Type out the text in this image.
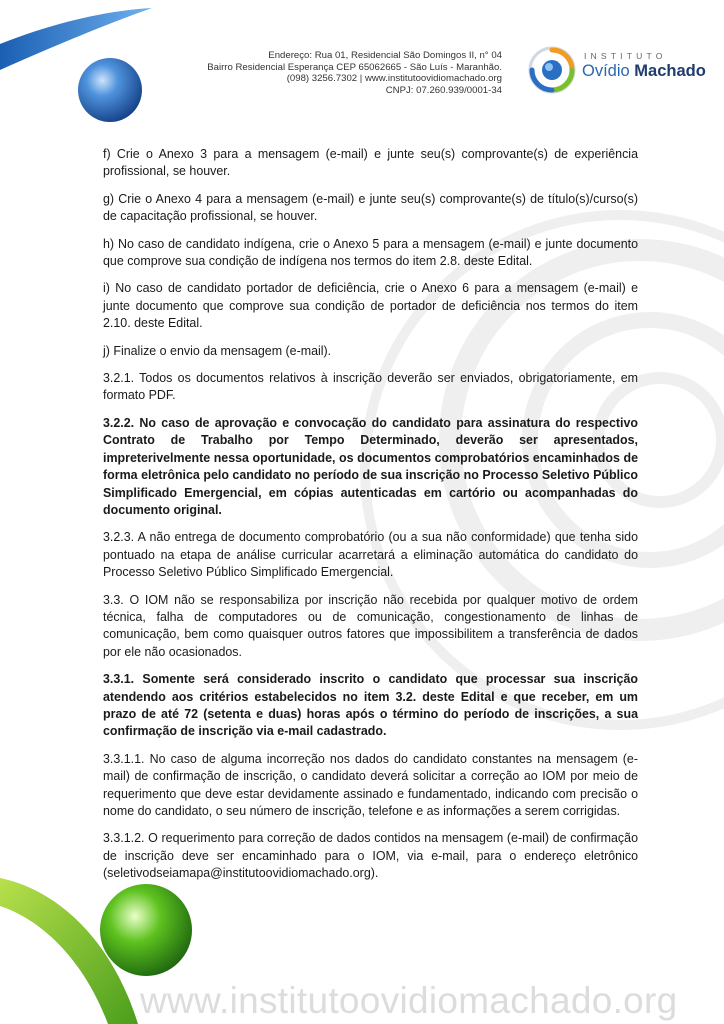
Endereço: Rua 01, Residencial São Domingos II, n° 04
Bairro Residencial Esperança CEP 65062665 - São Luís - Maranhão.
(098) 3256.7302 | www.institutoovidiomachado.org
CNPJ: 07.260.939/0001-34
INSTITUTO
Ovídio Machado

f) Crie o Anexo 3 para a mensagem (e-mail) e junte seu(s) comprovante(s) de experiência profissional, se houver.

g) Crie o Anexo 4 para a mensagem (e-mail) e junte seu(s) comprovante(s) de título(s)/curso(s) de capacitação profissional, se houver.

h) No caso de candidato indígena, crie o Anexo 5 para a mensagem (e-mail) e junte documento que comprove sua condição de indígena nos termos do item 2.8. deste Edital.

i) No caso de candidato portador de deficiência, crie o Anexo 6 para a mensagem (e-mail) e junte documento que comprove sua condição de portador de deficiência nos termos do item 2.10. deste Edital.

j) Finalize o envio da mensagem (e-mail).

3.2.1. Todos os documentos relativos à inscrição deverão ser enviados, obrigatoriamente, em formato PDF.

3.2.2. No caso de aprovação e convocação do candidato para assinatura do respectivo Contrato de Trabalho por Tempo Determinado, deverão ser apresentados, impreterivelmente nessa oportunidade, os documentos comprobatórios encaminhados de forma eletrônica pelo candidato no período de sua inscrição no Processo Seletivo Público Simplificado Emergencial, em cópias autenticadas em cartório ou acompanhadas do documento original.

3.2.3. A não entrega de documento comprobatório (ou a sua não conformidade) que tenha sido pontuado na etapa de análise curricular acarretará a eliminação automática do candidato do Processo Seletivo Público Simplificado Emergencial.

3.3. O IOM não se responsabiliza por inscrição não recebida por qualquer motivo de ordem técnica, falha de computadores ou de comunicação, congestionamento de linhas de comunicação, bem como quaisquer outros fatores que impossibilitem a transferência de dados por ele não ocasionados.

3.3.1. Somente será considerado inscrito o candidato que processar sua inscrição atendendo aos critérios estabelecidos no item 3.2. deste Edital e que receber, em um prazo de até 72 (setenta e duas) horas após o término do período de inscrições, a sua confirmação de inscrição via e-mail cadastrado.

3.3.1.1. No caso de alguma incorreção nos dados do candidato constantes na mensagem (e-mail) de confirmação de inscrição, o candidato deverá solicitar a correção ao IOM por meio de requerimento que deve estar devidamente assinado e fundamentado, indicando com precisão o nome do candidato, o seu número de inscrição, telefone e as informações a serem corrigidas.

3.3.1.2. O requerimento para correção de dados contidos na mensagem (e-mail) de confirmação de inscrição deve ser encaminhado para o IOM, via e-mail, para o endereço eletrônico (seletivodseiamapa@institutoovidiomachado.org).

www.institutoovidiomachado.org
